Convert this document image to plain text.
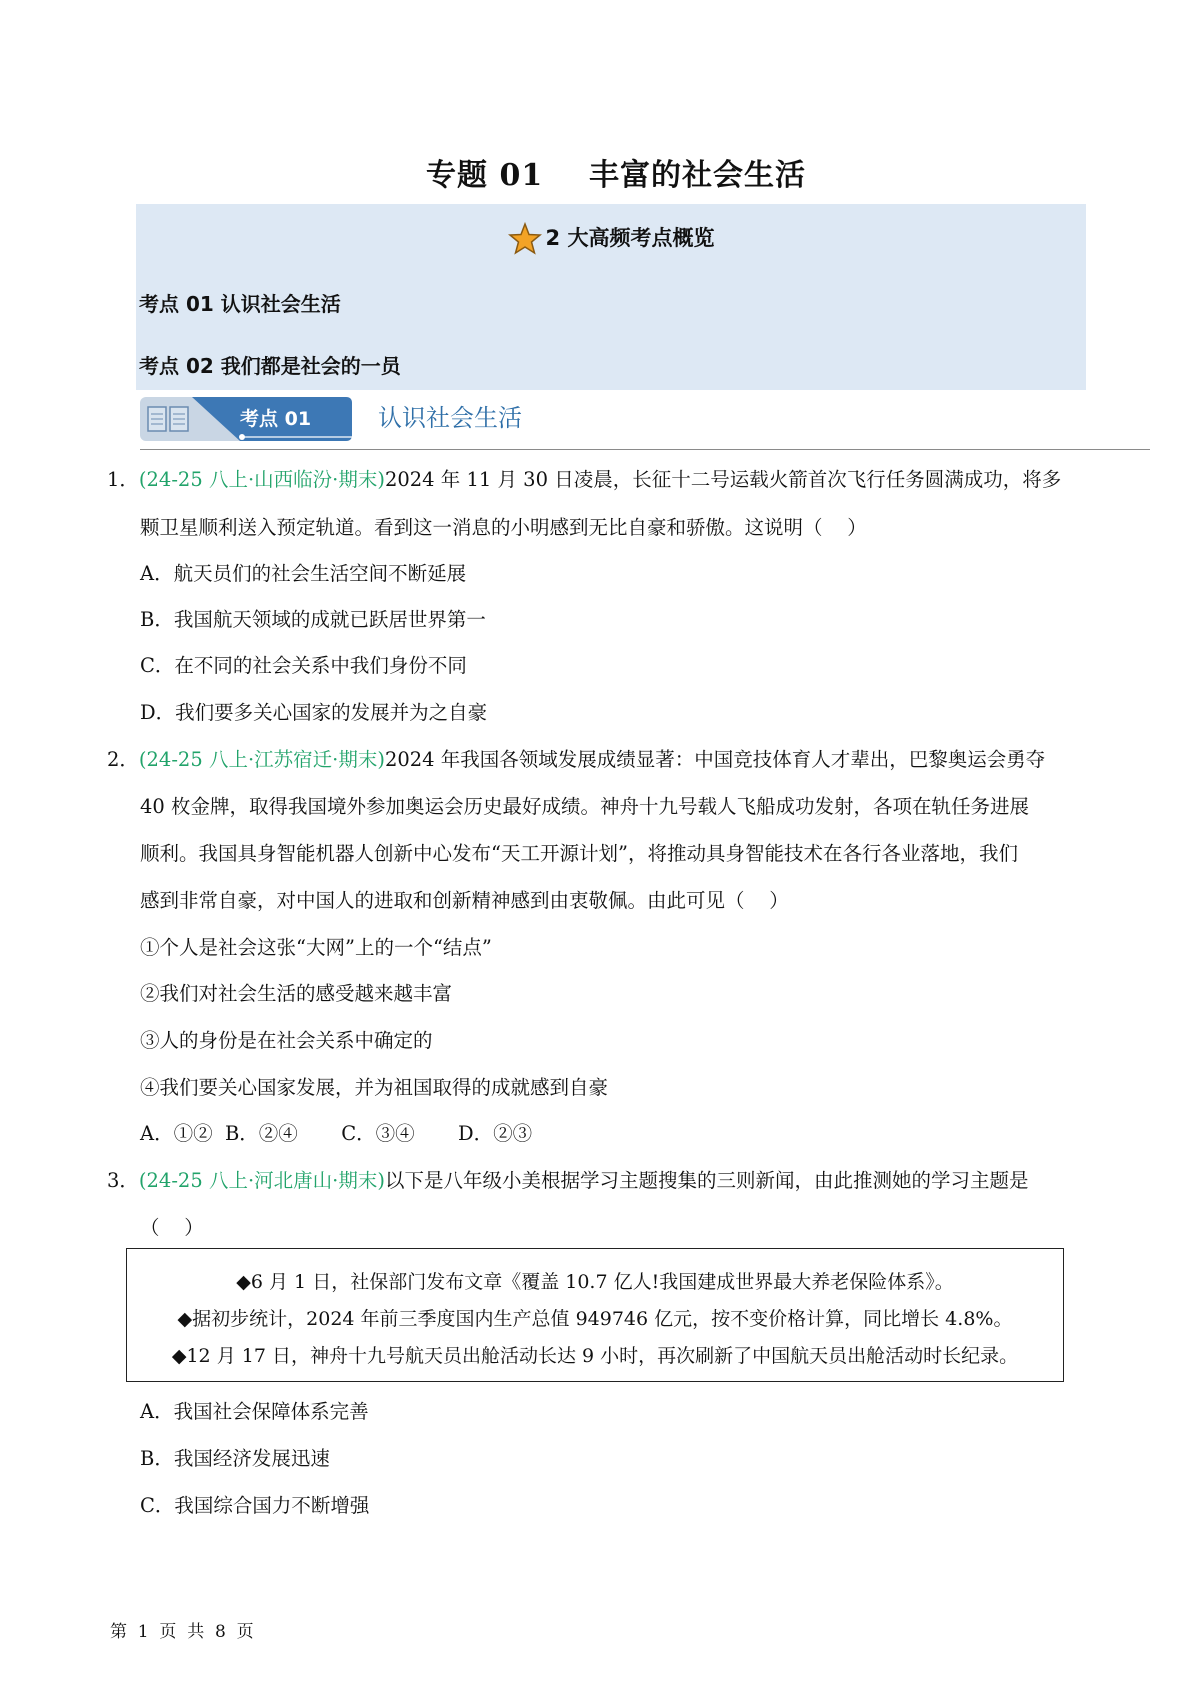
专题 01    丰富的社会生活
2 大高频考点概览
考点 01 认识社会生活
考点 02 我们都是社会的一员
考点 01	认识社会生活
1．(24-25 八上·山西临汾·期末)2024 年 11 月 30 日凌晨，长征十二号运载火箭首次飞行任务圆满成功，将多
颗卫星顺利送入预定轨道。看到这一消息的小明感到无比自豪和骄傲。这说明（    ）
A．航天员们的社会生活空间不断延展
B．我国航天领域的成就已跃居世界第一
C．在不同的社会关系中我们身份不同
D．我们要多关心国家的发展并为之自豪
2．(24-25 八上·江苏宿迁·期末)2024 年我国各领域发展成绩显著：中国竞技体育人才辈出，巴黎奥运会勇夺
40 枚金牌，取得我国境外参加奥运会历史最好成绩。神舟十九号载人飞船成功发射，各项在轨任务进展
顺利。我国具身智能机器人创新中心发布“天工开源计划”，将推动具身智能技术在各行各业落地，我们
感到非常自豪，对中国人的进取和创新精神感到由衷敬佩。由此可见（    ）
①个人是社会这张“大网”上的一个“结点”
②我们对社会生活的感受越来越丰富
③人的身份是在社会关系中确定的
④我们要关心国家发展，并为祖国取得的成就感到自豪
A．①②  B．②④       C．③④       D．②③
3．(24-25 八上·河北唐山·期末)以下是八年级小美根据学习主题搜集的三则新闻，由此推测她的学习主题是
（    ）
◆6 月 1 日，社保部门发布文章《覆盖 10.7 亿人!我国建成世界最大养老保险体系》。
◆据初步统计，2024 年前三季度国内生产总值 949746 亿元，按不变价格计算，同比增长 4.8%。
◆12 月 17 日，神舟十九号航天员出舱活动长达 9 小时，再次刷新了中国航天员出舱活动时长纪录。
A．我国社会保障体系完善
B．我国经济发展迅速
C．我国综合国力不断增强
第  1  页  共  8  页
